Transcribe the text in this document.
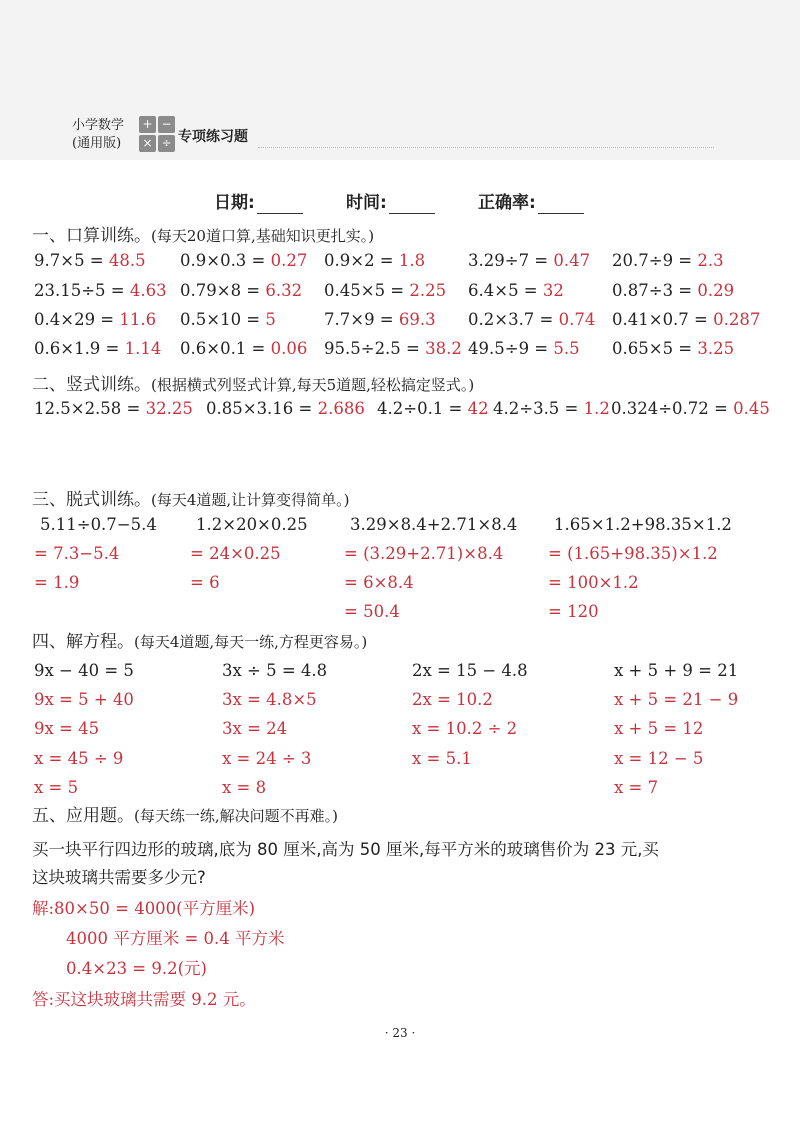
小学数学
(通用版)
+ −
× ÷ 专项练习题
日期:	时间:	正确率:
一、口算训练。(每天20道口算,基础知识更扎实。)
9.7×5 = 48.5 0.9×0.3 = 0.27 0.9×2 = 1.8	3.29÷7 = 0.47 20.7÷9 = 2.3
23.15÷5 = 4.63 0.79×8 = 6.32 0.45×5 = 2.25 6.4×5 = 32	0.87÷3 = 0.29
0.4×29 = 11.6 0.5×10 = 5	7.7×9 = 69.3 0.2×3.7 = 0.74 0.41×0.7 = 0.287
0.6×1.9 = 1.14 0.6×0.1 = 0.06 95.5÷2.5 = 38.2 49.5÷9 = 5.5 0.65×5 = 3.25
二、竖式训练。(根据横式列竖式计算,每天5道题,轻松搞定竖式。)
12.5×2.58 = 32.25 0.85×3.16 = 2.686 4.2÷0.1 = 42 4.2÷3.5 = 1.2 0.324÷0.72 = 0.45
三、脱式训练。(每天4道题,让计算变得简单。)
5.11÷0.7−5.4
= 7.3−5.4
= 1.9
1.2×20×0.25
= 24×0.25
= 6
3.29×8.4+2.71×8.4
= (3.29+2.71)×8.4
= 6×8.4
= 50.4
1.65×1.2+98.35×1.2
= (1.65+98.35)×1.2
= 100×1.2
= 120
四、解方程。(每天4道题,每天一练,方程更容易。)
9x − 40 = 5
9x = 5 + 40
9x = 45
x = 45 ÷ 9
x = 5
3x ÷ 5 = 4.8
3x = 4.8×5
3x = 24
x = 24 ÷ 3
x = 8
2x = 15 − 4.8
2x = 10.2
x = 10.2 ÷ 2
x = 5.1
x + 5 + 9 = 21
x + 5 = 21 − 9
x + 5 = 12
x = 12 − 5
x = 7
五、应用题。(每天练一练,解决问题不再难。)
买一块平行四边形的玻璃,底为 80 厘米,高为 50 厘米,每平方米的玻璃售价为 23 元,买
这块玻璃共需要多少元?
解:80×50 = 4000(平方厘米)
4000 平方厘米 = 0.4 平方米
0.4×23 = 9.2(元)
答:买这块玻璃共需要 9.2 元。
· 23 ·
